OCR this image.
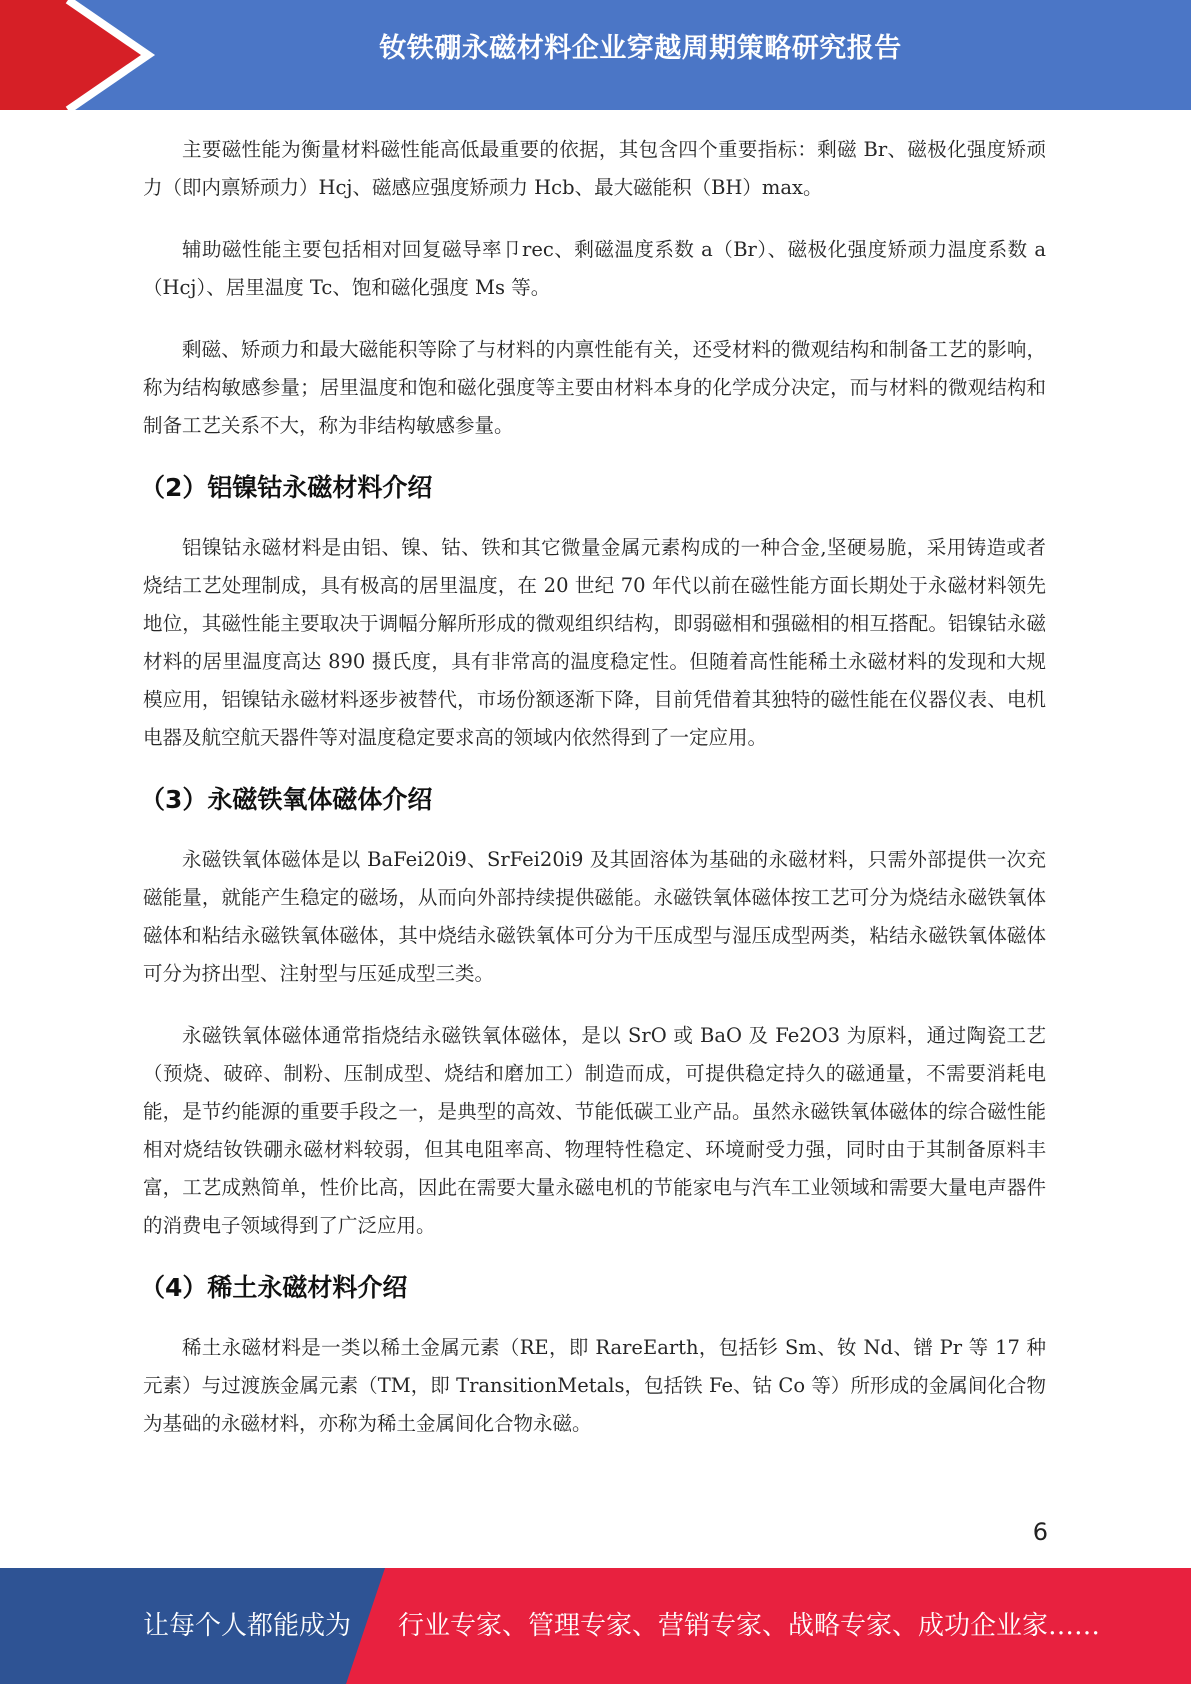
钕铁硼永磁材料企业穿越周期策略研究报告

主要磁性能为衡量材料磁性能高低最重要的依据，其包含四个重要指标：剩磁 Br、磁极化强度矫顽力（即内禀矫顽力）Hcj、磁感应强度矫顽力 Hcb、最大磁能积（BH）max。

辅助磁性能主要包括相对回复磁导率卩rec、剩磁温度系数 a（Br）、磁极化强度矫顽力温度系数 a（Hcj）、居里温度 Tc、饱和磁化强度 Ms 等。

剩磁、矫顽力和最大磁能积等除了与材料的内禀性能有关，还受材料的微观结构和制备工艺的影响，称为结构敏感参量；居里温度和饱和磁化强度等主要由材料本身的化学成分决定，而与材料的微观结构和制备工艺关系不大，称为非结构敏感参量。

（2）铝镍钴永磁材料介绍

铝镍钴永磁材料是由铝、镍、钴、铁和其它微量金属元素构成的一种合金,坚硬易脆，采用铸造或者烧结工艺处理制成，具有极高的居里温度，在 20 世纪 70 年代以前在磁性能方面长期处于永磁材料领先地位，其磁性能主要取决于调幅分解所形成的微观组织结构，即弱磁相和强磁相的相互搭配。铝镍钴永磁材料的居里温度高达 890 摄氏度，具有非常高的温度稳定性。但随着高性能稀土永磁材料的发现和大规模应用，铝镍钴永磁材料逐步被替代，市场份额逐渐下降，目前凭借着其独特的磁性能在仪器仪表、电机电器及航空航天器件等对温度稳定要求高的领域内依然得到了一定应用。

（3）永磁铁氧体磁体介绍

永磁铁氧体磁体是以 BaFei20i9、SrFei20i9 及其固溶体为基础的永磁材料，只需外部提供一次充磁能量，就能产生稳定的磁场，从而向外部持续提供磁能。永磁铁氧体磁体按工艺可分为烧结永磁铁氧体磁体和粘结永磁铁氧体磁体，其中烧结永磁铁氧体可分为干压成型与湿压成型两类，粘结永磁铁氧体磁体可分为挤出型、注射型与压延成型三类。

永磁铁氧体磁体通常指烧结永磁铁氧体磁体，是以 SrO 或 BaO 及 Fe2O3 为原料，通过陶瓷工艺（预烧、破碎、制粉、压制成型、烧结和磨加工）制造而成，可提供稳定持久的磁通量，不需要消耗电能，是节约能源的重要手段之一，是典型的高效、节能低碳工业产品。虽然永磁铁氧体磁体的综合磁性能相对烧结钕铁硼永磁材料较弱，但其电阻率高、物理特性稳定、环境耐受力强，同时由于其制备原料丰富，工艺成熟简单，性价比高，因此在需要大量永磁电机的节能家电与汽车工业领域和需要大量电声器件的消费电子领域得到了广泛应用。

（4）稀土永磁材料介绍

稀土永磁材料是一类以稀土金属元素（RE，即 RareEarth，包括钐 Sm、钕 Nd、镨 Pr 等 17 种元素）与过渡族金属元素（TM，即 TransitionMetals，包括铁 Fe、钴 Co 等）所形成的金属间化合物为基础的永磁材料，亦称为稀土金属间化合物永磁。

6
让每个人都能成为 行业专家、管理专家、营销专家、战略专家、成功企业家……
